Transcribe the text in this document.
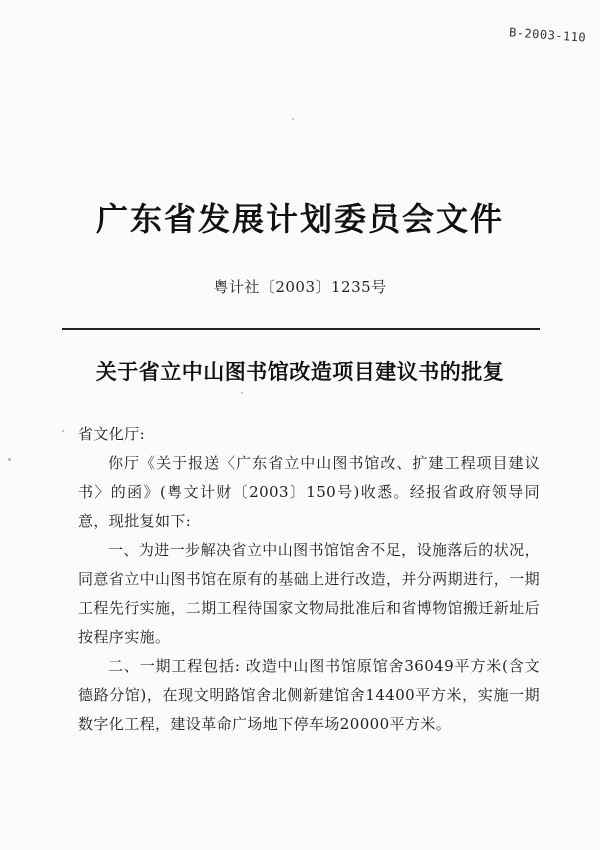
B-2003-110
广东省发展计划委员会文件
粤计社〔2003〕1235号
关于省立中山图书馆改造项目建议书的批复

省文化厅:

你厅《关于报送〈广东省立中山图书馆改、扩建工程项目建议书〉的函》(粤文计财〔2003〕150号)收悉。经报省政府领导同意，现批复如下:

一、为进一步解决省立中山图书馆馆舍不足，设施落后的状况，同意省立中山图书馆在原有的基础上进行改造，并分两期进行，一期工程先行实施，二期工程待国家文物局批准后和省博物馆搬迁新址后按程序实施。

二、一期工程包括: 改造中山图书馆原馆舍36049平方米(含文德路分馆)，在现文明路馆舍北侧新建馆舍14400平方米，实施一期数字化工程，建设革命广场地下停车场20000平方米。
